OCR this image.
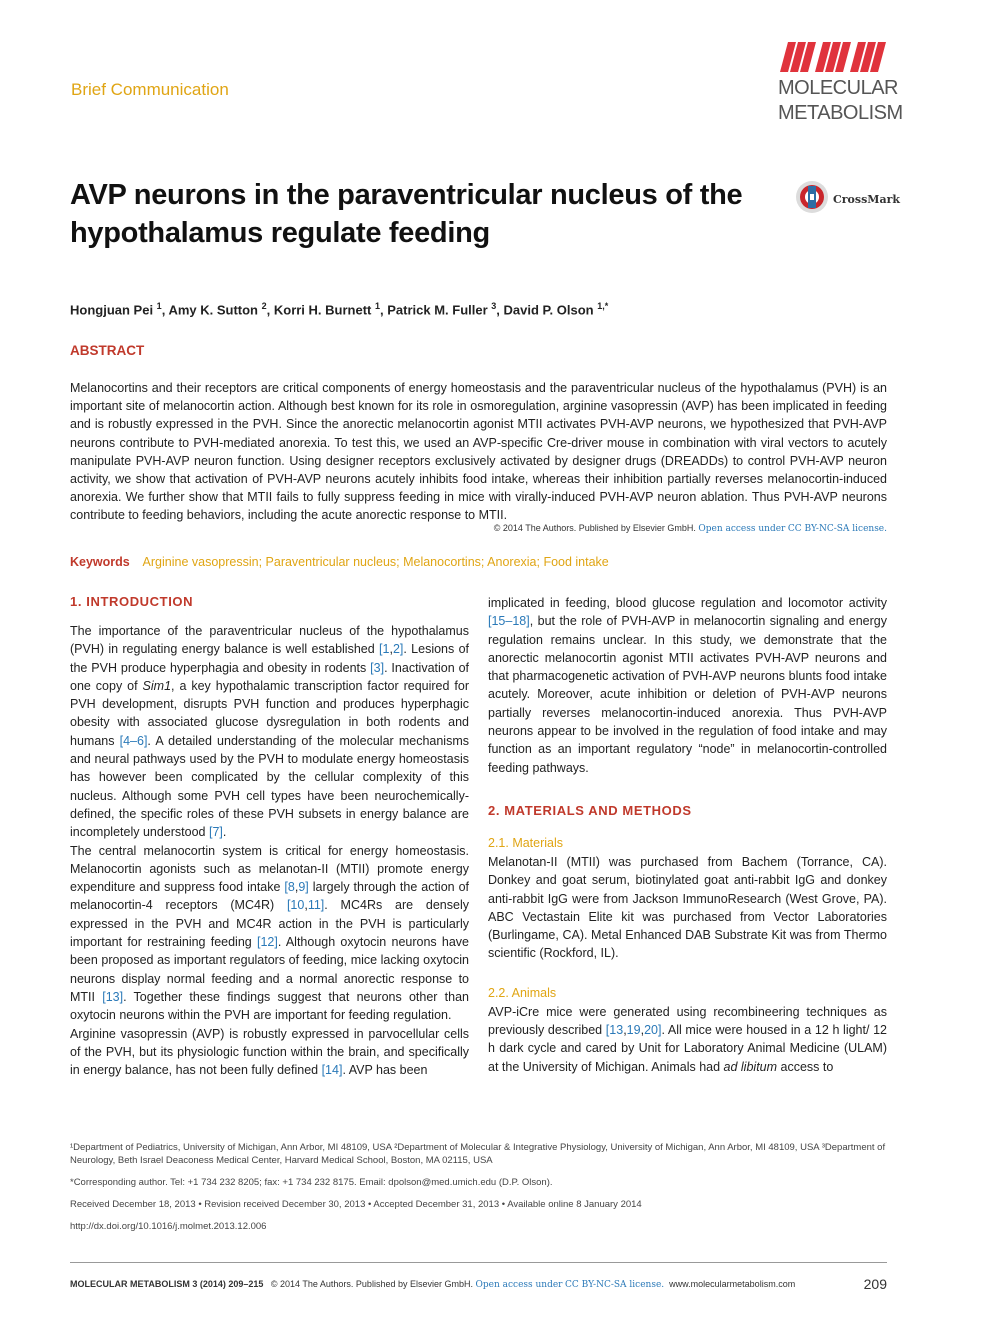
Brief Communication	MOLECULAR
METABOLISM
AVP neurons in the paraventricular nucleus of the hypothalamus regulate feeding
CrossMark
Hongjuan Pei $^1$, Amy K. Sutton $^2$, Korri H. Burnett $^1$, Patrick M. Fuller $^3$, David P. Olson $^{1,*}$
ABSTRACT
Melanocortins and their receptors are critical components of energy homeostasis and the paraventricular nucleus of the hypothalamus (PVH) is an important site of melanocortin action. Although best known for its role in osmoregulation, arginine vasopressin (AVP) has been implicated in feeding and is robustly expressed in the PVH. Since the anorectic melanocortin agonist MTII activates PVH-AVP neurons, we hypothesized that PVH-AVP neurons contribute to PVH-mediated anorexia. To test this, we used an AVP-specific Cre-driver mouse in combination with viral vectors to acutely manipulate PVH-AVP neuron function. Using designer receptors exclusively activated by designer drugs (DREADDs) to control PVH-AVP neuron activity, we show that activation of PVH-AVP neurons acutely inhibits food intake, whereas their inhibition partially reverses melanocortin-induced anorexia. We further show that MTII fails to fully suppress feeding in mice with virally-induced PVH-AVP neuron ablation. Thus PVH-AVP neurons contribute to feeding behaviors, including the acute anorectic response to MTII.
© 2014 The Authors. Published by Elsevier GmbH. Open access under CC BY-NC-SA license.
Keywords Arginine vasopressin; Paraventricular nucleus; Melanocortins; Anorexia; Food intake
1. INTRODUCTION

The importance of the paraventricular nucleus of the hypothalamus (PVH) in regulating energy balance is well established [1,2]. Lesions of the PVH produce hyperphagia and obesity in rodents [3]. Inactivation of one copy of Sim1, a key hypothalamic transcription factor required for PVH development, disrupts PVH function and produces hyperphagic obesity with associated glucose dysregulation in both rodents and humans [4–6]. A detailed understanding of the molecular mechanisms and neural pathways used by the PVH to modulate energy homeostasis has however been complicated by the cellular complexity of this nucleus. Although some PVH cell types have been neurochemically-defined, the specific roles of these PVH subsets in energy balance are incompletely understood [7].

The central melanocortin system is critical for energy homeostasis. Melanocortin agonists such as melanotan-II (MTII) promote energy expenditure and suppress food intake [8,9] largely through the action of melanocortin-4 receptors (MC4R) [10,11]. MC4Rs are densely expressed in the PVH and MC4R action in the PVH is particularly important for restraining feeding [12]. Although oxytocin neurons have been proposed as important regulators of feeding, mice lacking oxytocin neurons display normal feeding and a normal anorectic response to MTII [13]. Together these findings suggest that neurons other than oxytocin neurons within the PVH are important for feeding regulation.

Arginine vasopressin (AVP) is robustly expressed in parvocellular cells of the PVH, but its physiologic function within the brain, and specifically in energy balance, has not been fully defined [14]. AVP has been

implicated in feeding, blood glucose regulation and locomotor activity [15–18], but the role of PVH-AVP in melanocortin signaling and energy regulation remains unclear. In this study, we demonstrate that the anorectic melanocortin agonist MTII activates PVH-AVP neurons and that pharmacogenetic activation of PVH-AVP neurons blunts food intake acutely. Moreover, acute inhibition or deletion of PVH-AVP neurons partially reverses melanocortin-induced anorexia. Thus PVH-AVP neurons appear to be involved in the regulation of food intake and may function as an important regulatory “node” in melanocortin-controlled feeding pathways.
2. MATERIALS AND METHODS
2.1. Materials

Melanotan-II (MTII) was purchased from Bachem (Torrance, CA). Donkey and goat serum, biotinylated goat anti-rabbit IgG and donkey anti-rabbit IgG were from Jackson ImmunoResearch (West Grove, PA). ABC Vectastain Elite kit was purchased from Vector Laboratories (Burlingame, CA). Metal Enhanced DAB Substrate Kit was from Thermo scientific (Rockford, IL).

2.2. Animals

AVP-iCre mice were generated using recombineering techniques as previously described [13,19,20]. All mice were housed in a 12 h light/ 12 h dark cycle and cared by Unit for Laboratory Animal Medicine (ULAM) at the University of Michigan. Animals had ad libitum access to

¹Department of Pediatrics, University of Michigan, Ann Arbor, MI 48109, USA ²Department of Molecular & Integrative Physiology, University of Michigan, Ann Arbor, MI 48109, USA ³Department of Neurology, Beth Israel Deaconess Medical Center, Harvard Medical School, Boston, MA 02115, USA

*Corresponding author. Tel: +1 734 232 8205; fax: +1 734 232 8175. Email: dpolson@med.umich.edu (D.P. Olson).

Received December 18, 2013 • Revision received December 30, 2013 • Accepted December 31, 2013 • Available online 8 January 2014

http://dx.doi.org/10.1016/j.molmet.2013.12.006

MOLECULAR METABOLISM 3 (2014) 209–215 © 2014 The Authors. Published by Elsevier GmbH. Open access under CC BY-NC-SA license. www.molecularmetabolism.com	209
